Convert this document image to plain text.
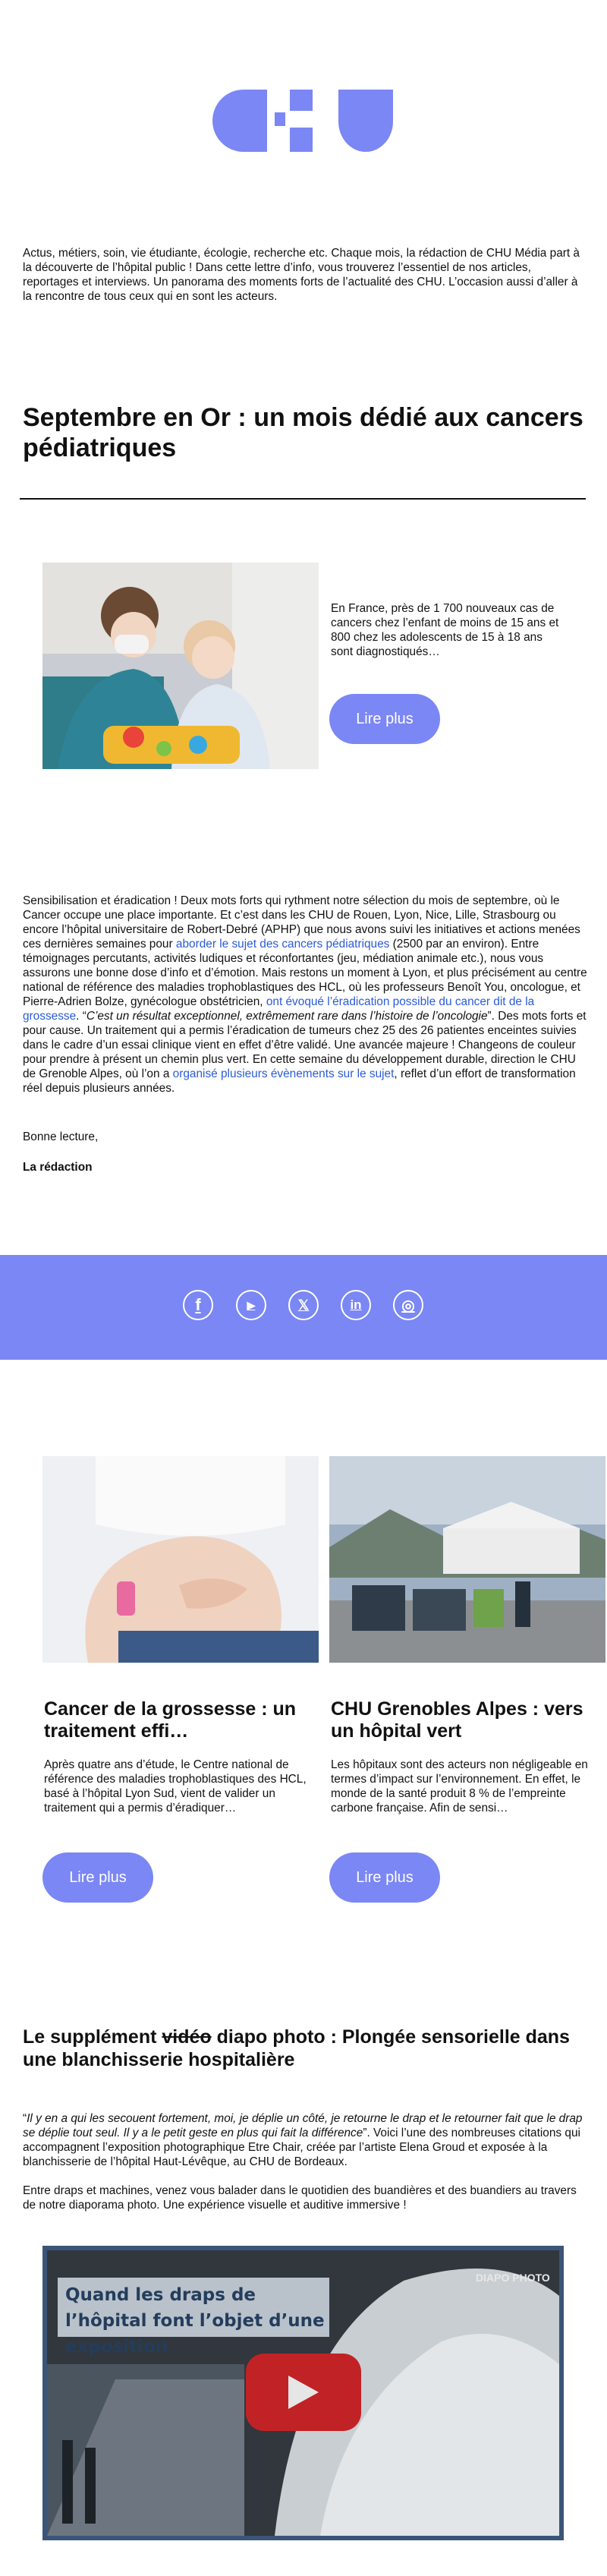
Actus, métiers, soin, vie étudiante, écologie, recherche etc. Chaque mois, la rédaction de CHU Média part à la découverte de l’hôpital public ! Dans cette lettre d’info, vous trouverez l’essentiel de nos articles, reportages et interviews. Un panorama des moments forts de l’actualité des CHU. L’occasion aussi d’aller à la rencontre de tous ceux qui en sont les acteurs.

Septembre en Or : un mois dédié aux cancers pédiatriques

En France, près de 1 700 nouveaux cas de cancers chez l’enfant de moins de 15 ans et 800 chez les adolescents de 15 à 18 ans sont diagnostiqués…

Lire plus
Sensibilisation et éradication ! Deux mots forts qui rythment notre sélection du mois de septembre, où le Cancer occupe une place importante. Et c’est dans les CHU de Rouen, Lyon, Nice, Lille, Strasbourg ou encore l’hôpital universitaire de Robert-Debré (APHP) que nous avons suivi les initiatives et actions menées ces dernières semaines pour aborder le sujet des cancers pédiatriques (2500 par an environ). Entre témoignages percutants, activités ludiques et réconfortantes (jeu, médiation animale etc.), nous vous assurons une bonne dose d’info et d’émotion. Mais restons un moment à Lyon, et plus précisément au centre national de référence des maladies trophoblastiques des HCL, où les professeurs Benoît You, oncologue, et Pierre-Adrien Bolze, gynécologue obstétricien, ont évoqué l’éradication possible du cancer dit de la grossesse. “C’est un résultat exceptionnel, extrêmement rare dans l’histoire de l’oncologie”. Des mots forts et pour cause. Un traitement qui a permis l’éradication de tumeurs chez 25 des 26 patientes enceintes suivies dans le cadre d’un essai clinique vient en effet d’être validé. Une avancée majeure ! Changeons de couleur pour prendre à présent un chemin plus vert. En cette semaine du développement durable, direction le CHU de Grenoble Alpes, où l’on a organisé plusieurs évènements sur le sujet, reflet d’un effort de transformation réel depuis plusieurs années.

Bonne lecture,

La rédaction

f	▶	𝕏	in	◎
Cancer de la grossesse : un traitement effi…

Après quatre ans d’étude, le Centre national de référence des maladies trophoblastiques des HCL, basé à l’hôpital Lyon Sud, vient de valider un traitement qui a permis d’éradiquer…

Lire plus
CHU Grenobles Alpes : vers un hôpital vert

Les hôpitaux sont des acteurs non négligeable en termes d’impact sur l’environnement. En effet, le monde de la santé produit 8 % de l’empreinte carbone française. Afin de sensi…

Lire plus
Le supplément vidéo diapo photo : Plongée sensorielle dans une blanchisserie hospitalière
“Il y en a qui les secouent fortement, moi, je déplie un côté, je retourne le drap et le retourner fait que le drap se déplie tout seul. Il y a le petit geste en plus qui fait la différence”. Voici l’une des nombreuses citations qui accompagnent l’exposition photographique Etre Chair, créée par l’artiste Elena Groud et exposée à la blanchisserie de l’hôpital Haut-Lévêque, au CHU de Bordeaux.

Entre draps et machines, venez vous balader dans le quotidien des buandières et des buandiers au travers de notre diaporama photo. Une expérience visuelle et auditive immersive !

Quand les draps de l’hôpital font l’objet d’une exposition
DIAPO PHOTO
